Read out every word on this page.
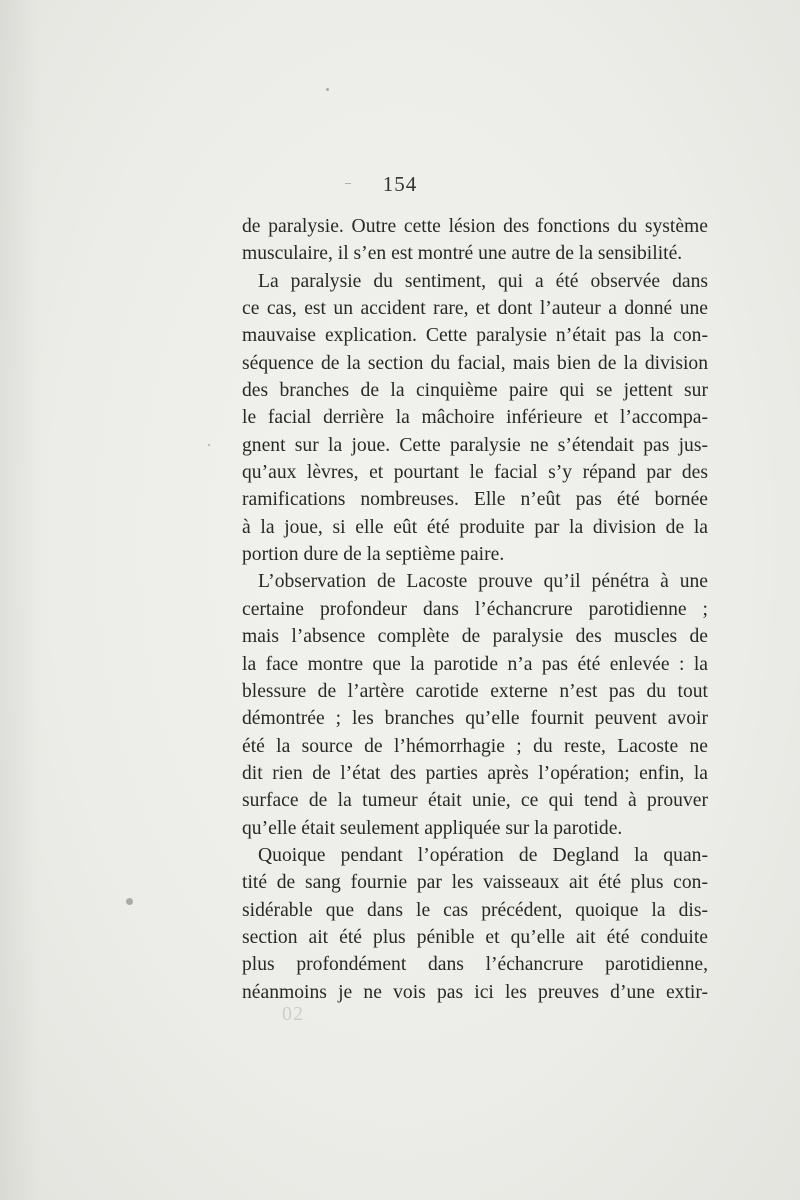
154
de paralysie. Outre cette lésion des fonctions du système
musculaire, il s’en est montré une autre de la sensibilité.
La paralysie du sentiment, qui a été observée dans
ce cas, est un accident rare, et dont l’auteur a donné une
mauvaise explication. Cette paralysie n’était pas la con-
séquence de la section du facial, mais bien de la division
des branches de la cinquième paire qui se jettent sur
le facial derrière la mâchoire inférieure et l’accompa-
gnent sur la joue. Cette paralysie ne s’étendait pas jus-
qu’aux lèvres, et pourtant le facial s’y répand par des
ramifications nombreuses. Elle n’eût pas été bornée
à la joue, si elle eût été produite par la division de la
portion dure de la septième paire.
L’observation de Lacoste prouve qu’il pénétra à une
certaine profondeur dans l’échancrure parotidienne ;
mais l’absence complète de paralysie des muscles de
la face montre que la parotide n’a pas été enlevée : la
blessure de l’artère carotide externe n’est pas du tout
démontrée ; les branches qu’elle fournit peuvent avoir
été la source de l’hémorrhagie ; du reste, Lacoste ne
dit rien de l’état des parties après l’opération; enfin, la
surface de la tumeur était unie, ce qui tend à prouver
qu’elle était seulement appliquée sur la parotide.
Quoique pendant l’opération de Degland la quan-
tité de sang fournie par les vaisseaux ait été plus con-
sidérable que dans le cas précédent, quoique la dis-
section ait été plus pénible et qu’elle ait été conduite
plus profondément dans l’échancrure parotidienne,
néanmoins je ne vois pas ici les preuves d’une extir-
02
